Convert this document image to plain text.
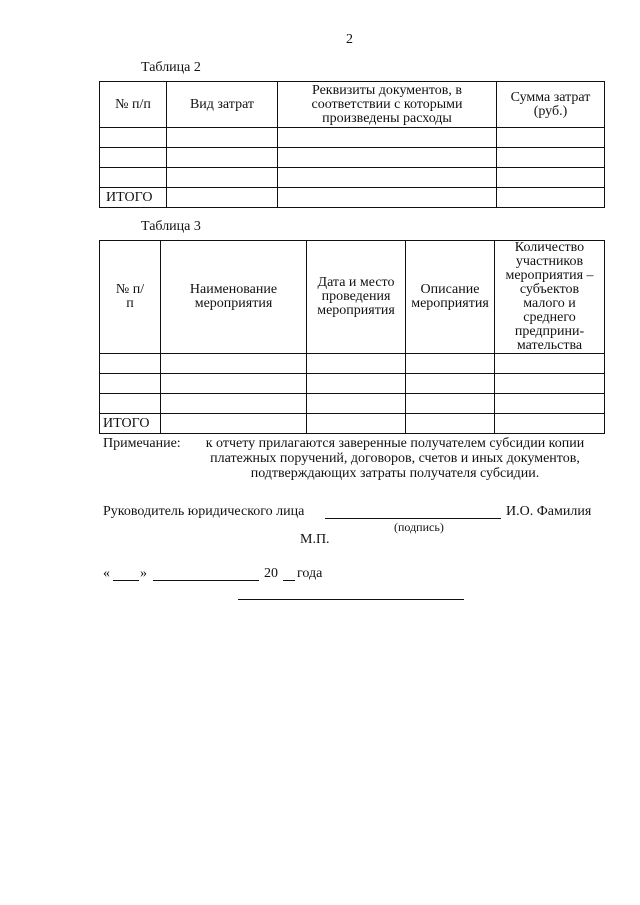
2
Таблица 2
№ п/п	Вид затрат	Реквизиты документов, в соответствии с которыми произведены расходы	Сумма затрат (руб.)

ИТОГО			
Таблица 3
№ п/п	Наименование мероприятия	Дата и место проведения мероприятия	Описание мероприятия	Количество участников мероприятия – субъектов малого и среднего предприни-мательства

ИТОГО				
Примечание:	к отчету прилагаются заверенные получателем субсидии копии платежных поручений, договоров, счетов и иных документов, подтверждающих затраты получателя субсидии.
Руководитель юридического лица	И.О. Фамилия
(подпись)
М.П.
« »	20 года
